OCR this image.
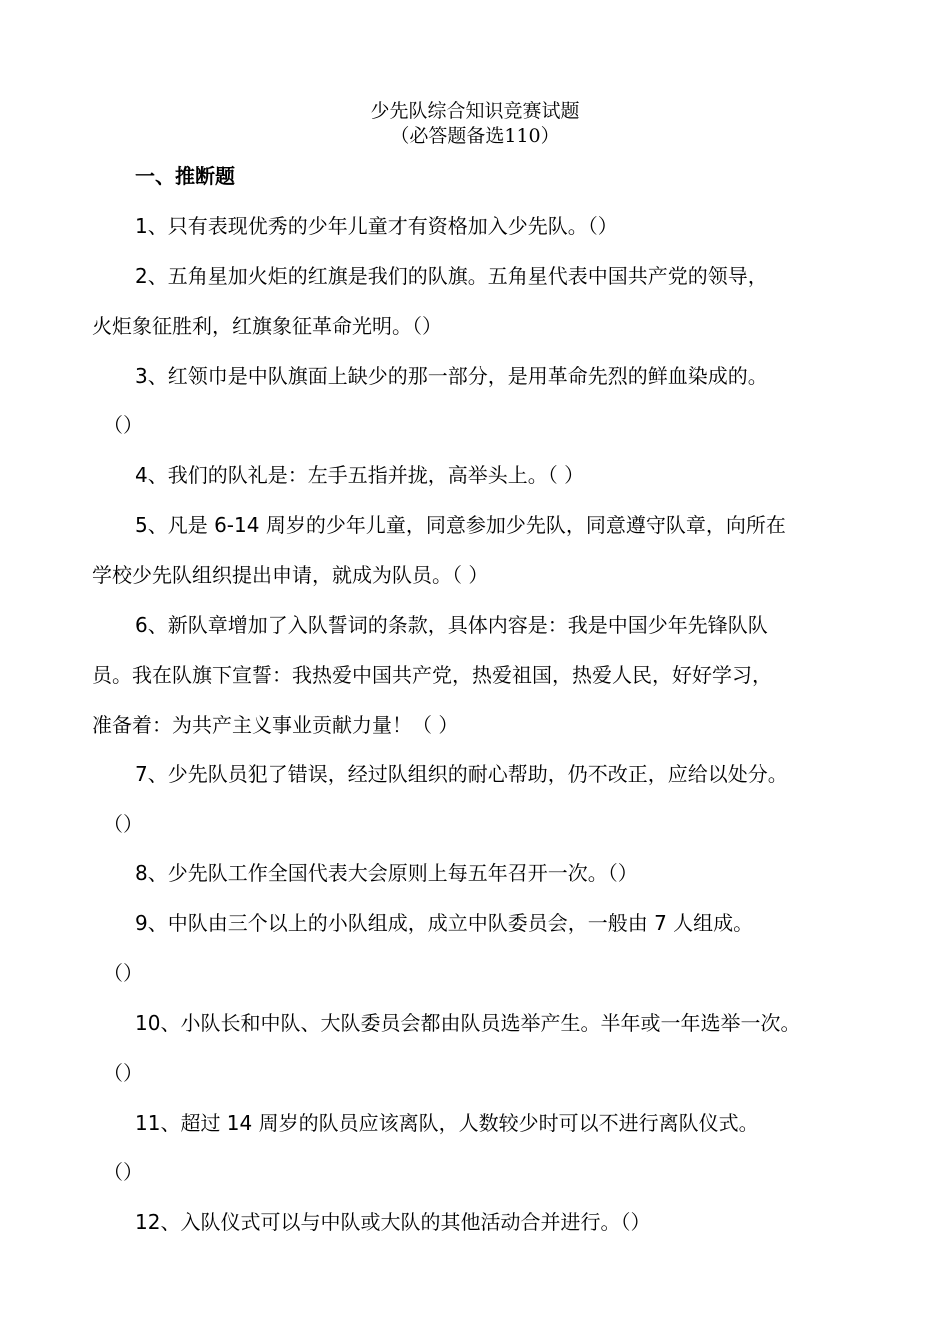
少先队综合知识竞赛试题
（必答题备选110）
一、推断题
1、只有表现优秀的少年儿童才有资格加入少先队。（）
2、五角星加火炬的红旗是我们的队旗。五角星代表中国共产党的领导，
火炬象征胜利，红旗象征革命光明。（）
3、红领巾是中队旗面上缺少的那一部分，是用革命先烈的鲜血染成的。
（）
4、我们的队礼是：左手五指并拢，高举头上。（ ）
5、凡是 6-14 周岁的少年儿童，同意参加少先队，同意遵守队章，向所在
学校少先队组织提出申请，就成为队员。（ ）
6、新队章增加了入队誓词的条款，具体内容是：我是中国少年先锋队队
员。我在队旗下宣誓：我热爱中国共产党，热爱祖国，热爱人民，好好学习，
准备着：为共产主义事业贡献力量！（ ）
7、少先队员犯了错误，经过队组织的耐心帮助，仍不改正，应给以处分。
（）
8、少先队工作全国代表大会原则上每五年召开一次。（）
9、中队由三个以上的小队组成，成立中队委员会，一般由 7 人组成。
（）
10、小队长和中队、大队委员会都由队员选举产生。半年或一年选举一次。
（）
11、超过 14 周岁的队员应该离队，人数较少时可以不进行离队仪式。
（）
12、入队仪式可以与中队或大队的其他活动合并进行。（）
